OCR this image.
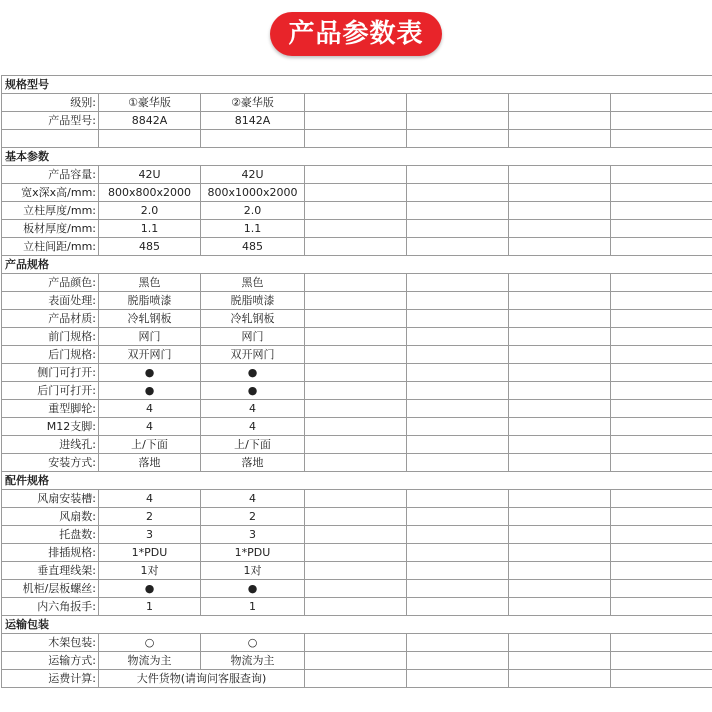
产品参数表
规格型号						
级别:	①豪华版	②豪华版				
产品型号:	8842A	8142A				

基本参数						
产品容量:	42U	42U				
宽x深x高/mm:	800x800x2000	800x1000x2000				
立柱厚度/mm:	2.0	2.0				
板材厚度/mm:	1.1	1.1				
立柱间距/mm:	485	485				
产品规格						
产品颜色:	黑色	黑色				
表面处理:	脱脂喷漆	脱脂喷漆				
产品材质:	冷轧钢板	冷轧钢板				
前门规格:	网门	网门				
后门规格:	双开网门	双开网门				
侧门可打开:	●	●				
后门可打开:	●	●				
重型脚轮:	4	4				
M12支脚:	4	4				
进线孔:	上/下面	上/下面				
安装方式:	落地	落地				
配件规格						
风扇安装槽:	4	4				
风扇数:	2	2				
托盘数:	3	3				
排插规格:	1*PDU	1*PDU				
垂直理线架:	1对	1对				
机柜/层板螺丝:	●	●				
内六角扳手:	1	1				
运输包装						
木架包装:	○	○				
运输方式:	物流为主	物流为主				
运费计算:	大件货物(请询问客服查询)					
